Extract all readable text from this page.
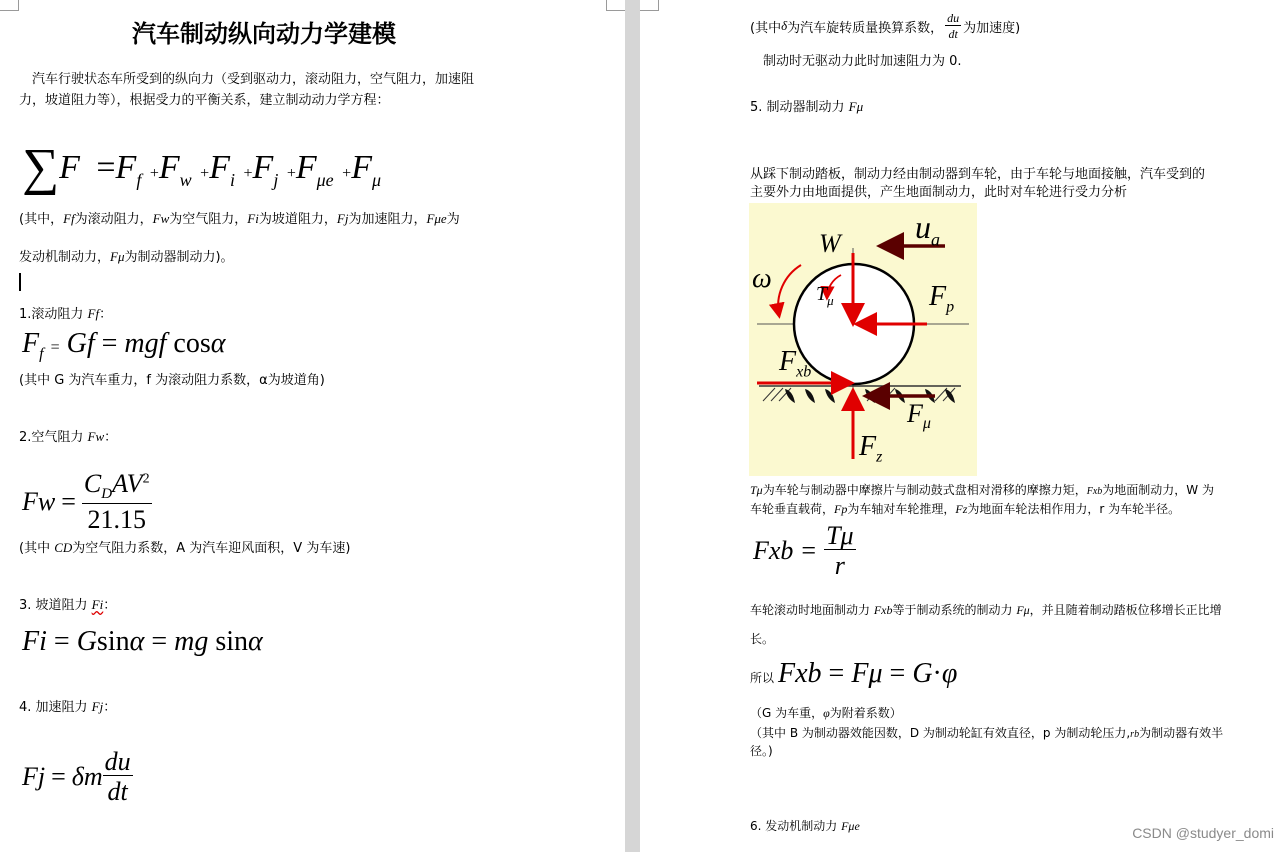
汽车制动纵向动力学建模
汽车行驶状态车所受到的纵向力（受到驱动力，滚动阻力，空气阻力，加速阻
力，坡道阻力等），根据受力的平衡关系，建立制动动力学方程：
$\sum F =F_f +F_w +F_i +F_j +F_{\mu e} +F_\mu$
(其中，Ff为滚动阻力，Fw为空气阻力，Fi为坡道阻力，Fj为加速阻力，Fμe为
发动机制动力，Fμ为制动器制动力)。
1.滚动阻力 Ff：
$F_f = Gf$ = mgf cosα
(其中 G 为汽车重力，f 为滚动阻力系数，α为坡道角)
2.空气阻力 Fw：
$Fw = \frac{C_DAV^2}{21.15}$
(其中 CD为空气阻力系数，A 为汽车迎风面积，V 为车速)
3. 坡道阻力 Fi：
Fi = Gsinα = mg sinα
4. 加速阻力 Fj：
Fj = δm $\frac{du}{dt}$
(其中 δ 为汽车旋转质量换算系数， $\frac{du}{dt}$ 为加速度)
制动时无驱动力此时加速阻力为 0.
5. 制动器制动力 Fμ
从踩下制动踏板，制动力经由制动器到车轮，由于车轮与地面接触，汽车受到的
主要外力由地面提供，产生地面制动力，此时对车轮进行受力分析
W $u_a$
ω $T_\mu$	$F_p$
$F_{xb}$
$F_\mu$
$F_z$
Tμ为车轮与制动器中摩擦片与制动鼓式盘相对滑移的摩擦力矩，Fxb为地面制动力，W 为
车轮垂直载荷，Fp为车轴对车轮推理，Fz为地面车轮法相作用力，r 为车轮半径。
Fxb = $\frac{T\mu}{r}$
车轮滚动时地面制动力 Fxb等于制动系统的制动力 Fμ，并且随着制动踏板位移增长正比增
长。
所以 Fxb = Fμ = G·φ
（G 为车重，φ为附着系数）
（其中 B 为制动器效能因数，D 为制动轮缸有效直径，p 为制动轮压力,rb为制动器有效半
径。)
6. 发动机制动力 Fμe	CSDN @studyer_domi
